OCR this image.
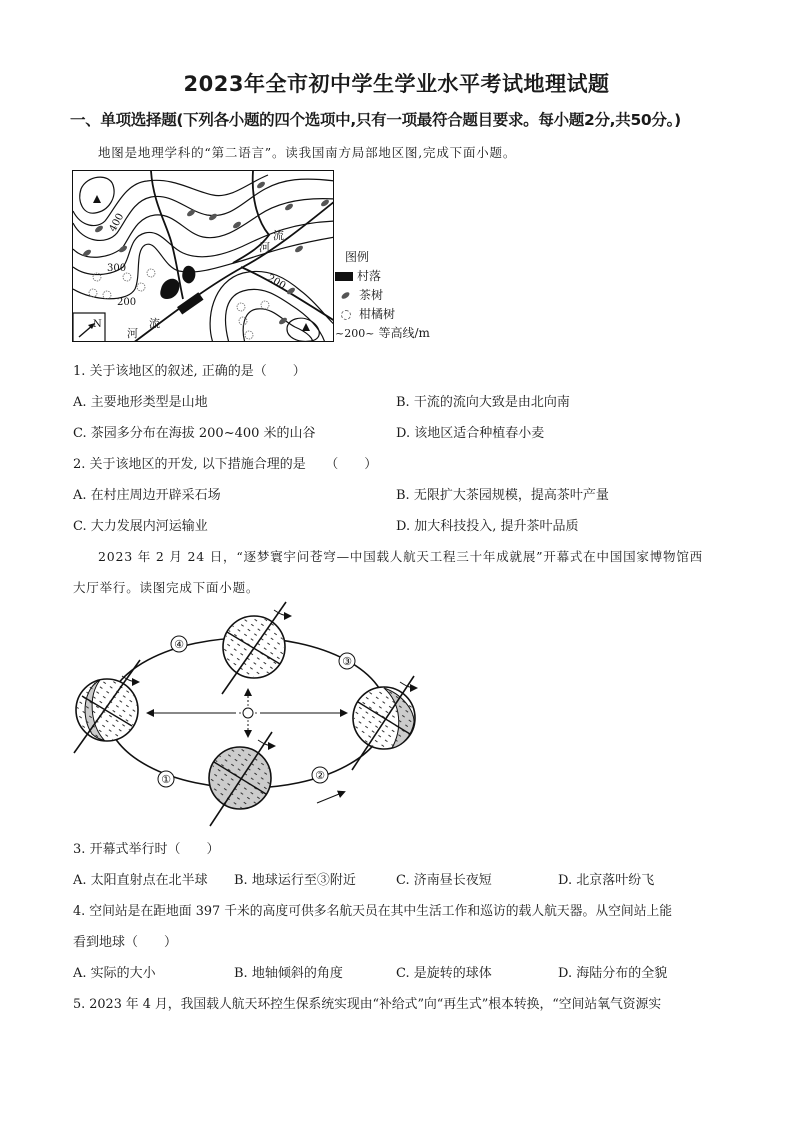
2023年全市初中学生学业水平考试地理试题
一、单项选择题(下列各小题的四个选项中,只有一项最符合题目要求。每小题2分,共50分。)
地图是地理学科的“第二语言”。读我国南方局部地区图,完成下面小题。
400
300
200
200
河
流
河
流
N
图例
村落
茶树
柑橘树
~200~ 等高线/m
1. 关于该地区的叙述, 正确的是（　　）
A. 主要地形类型是山地	B. 干流的流向大致是由北向南
C. 茶园多分布在海拔 200~400 米的山谷	D. 该地区适合种植春小麦
2. 关于该地区的开发, 以下措施合理的是　　（　　）
A. 在村庄周边开辟采石场	B. 无限扩大茶园规模，提高茶叶产量
C. 大力发展内河运输业	D. 加大科技投入, 提升茶叶品质
2023 年 2 月 24 日，“逐梦寰宇问苍穹—中国载人航天工程三十年成就展”开幕式在中国国家博物馆西
大厅举行。读图完成下面小题。
④
③
①	②
3. 开幕式举行时（　　）
A. 太阳直射点在北半球 B. 地球运行至③附近	C. 济南昼长夜短	D. 北京落叶纷飞
4. 空间站是在距地面 397 千米的高度可供多名航天员在其中生活工作和巡访的载人航天器。从空间站上能
看到地球（　　）
A. 实际的大小	B. 地轴倾斜的角度	C. 是旋转的球体	D. 海陆分布的全貌
5. 2023 年 4 月，我国载人航天环控生保系统实现由“补给式”向“再生式”根本转换，“空间站氧气资源实
